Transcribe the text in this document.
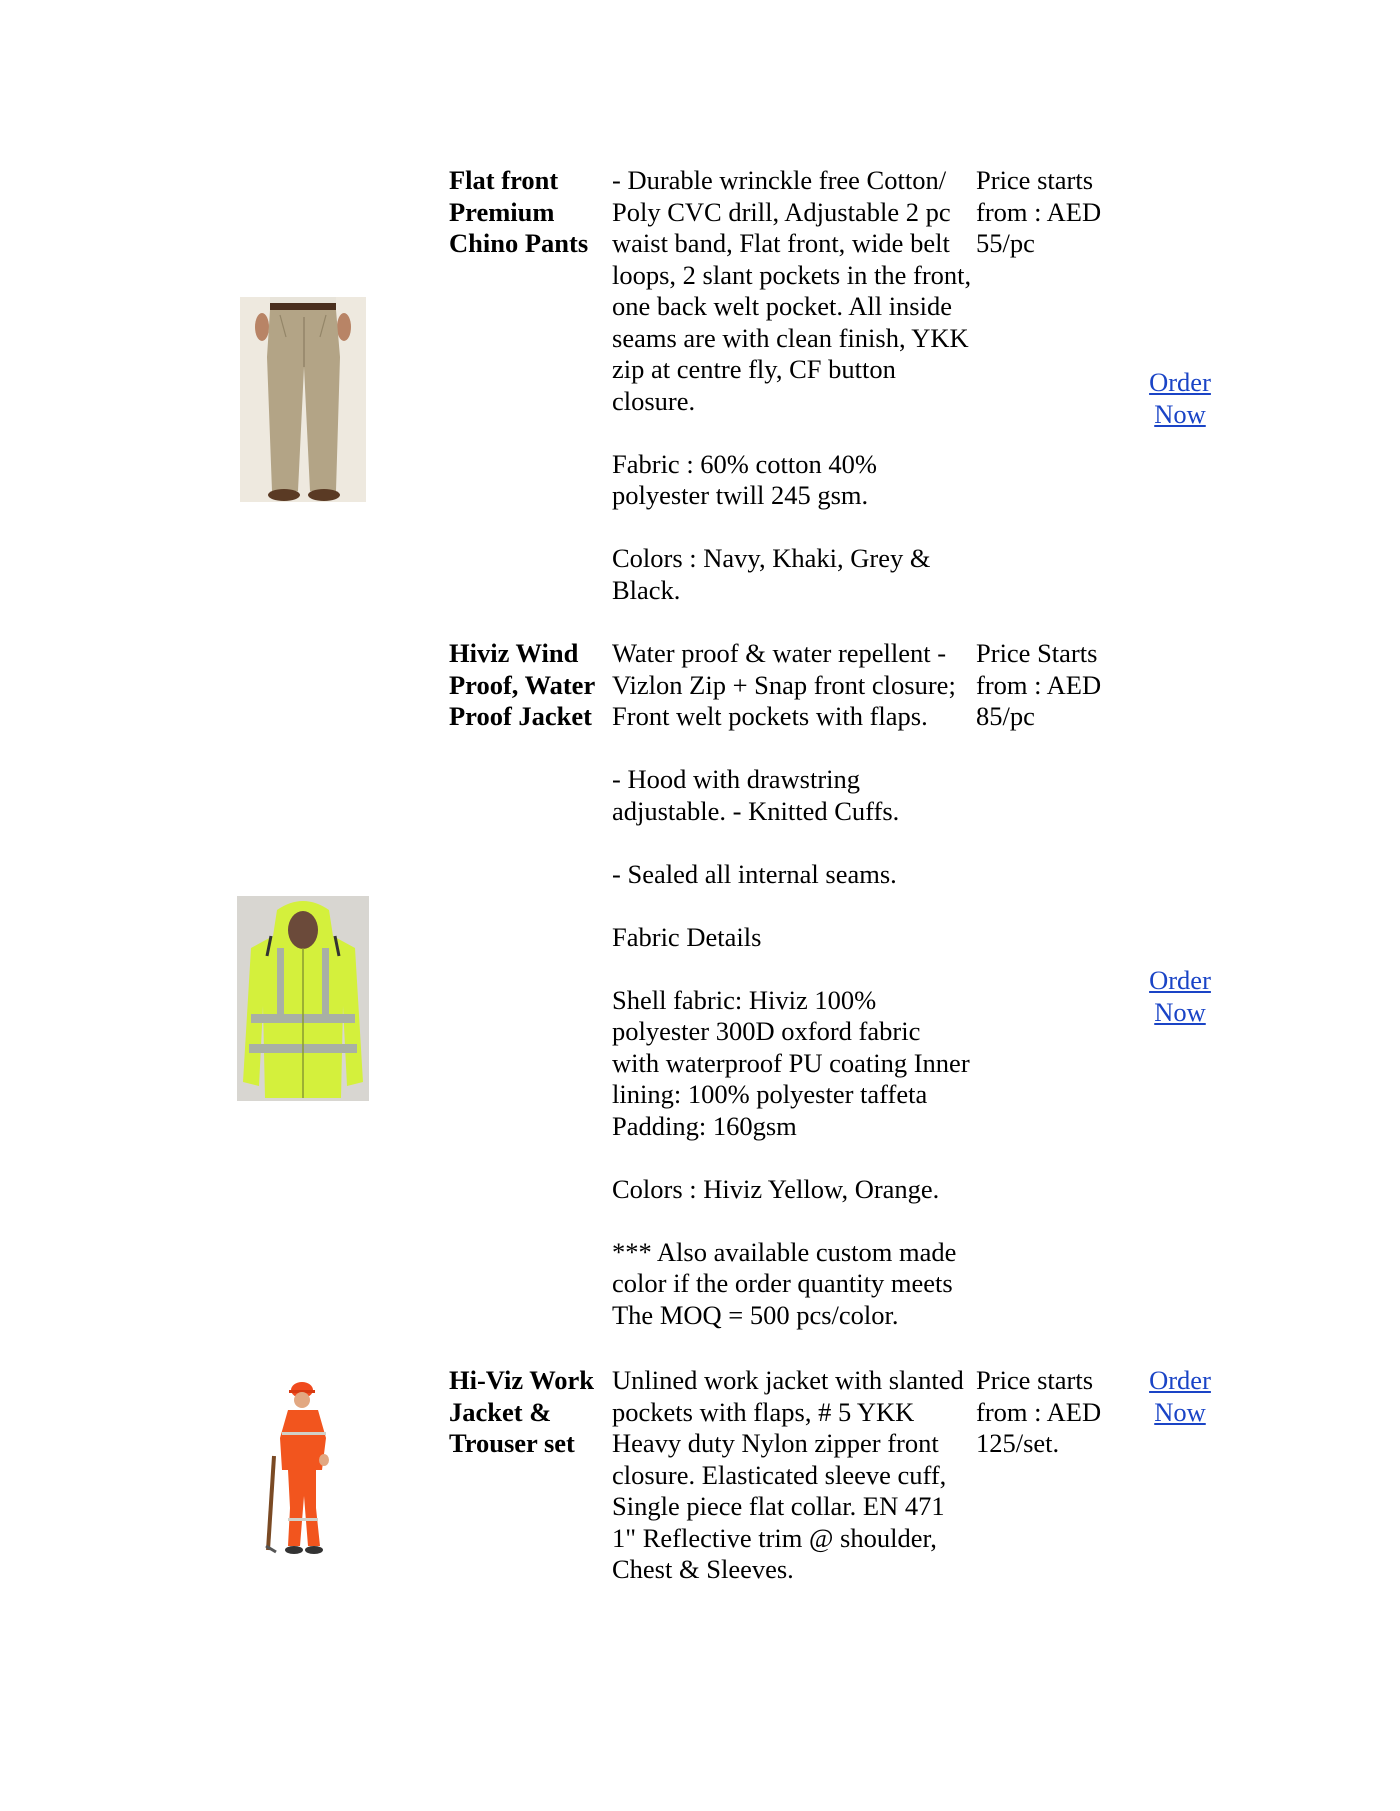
Flat front Premium Chino Pants

- Durable wrinckle free Cotton/ Poly CVC drill, Adjustable 2 pc waist band, Flat front, wide belt loops, 2 slant pockets in the front, one back welt pocket. All inside seams are with clean finish, YKK zip at centre fly, CF button closure.

Fabric : 60% cotton 40% polyester twill 245 gsm.

Colors : Navy, Khaki, Grey & Black.

Price starts from : AED 55/pc
Order Now
Hiviz Wind Proof, Water Proof Jacket

Water proof & water repellent - Vizlon Zip + Snap front closure; Front welt pockets with flaps.

- Hood with drawstring adjustable. - Knitted Cuffs.

- Sealed all internal seams.

Fabric Details

Shell fabric: Hiviz 100% polyester 300D oxford fabric with waterproof PU coating Inner lining: 100% polyester taffeta Padding: 160gsm

Colors : Hiviz Yellow, Orange.

*** Also available custom made color if the order quantity meets The MOQ = 500 pcs/color.

Price Starts from : AED 85/pc
Order Now
Hi-Viz Work Jacket & Trouser set

Unlined work jacket with slanted pockets with flaps, # 5 YKK Heavy duty Nylon zipper front closure. Elasticated sleeve cuff, Single piece flat collar. EN 471 1" Reflective trim @ shoulder, Chest & Sleeves.

Price starts from : AED 125/set.
Order Now
